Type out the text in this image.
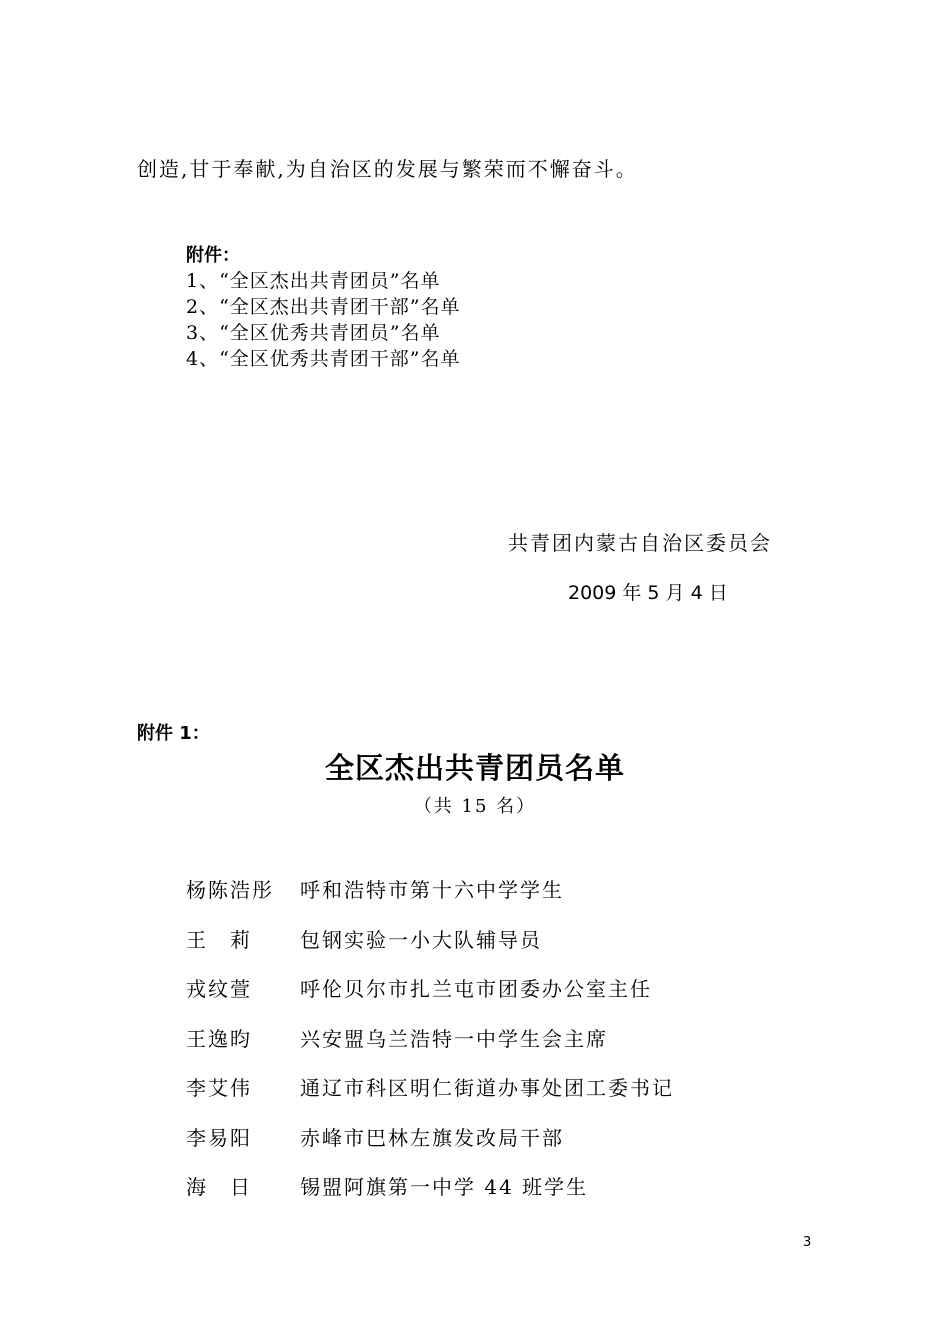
创造,甘于奉献,为自治区的发展与繁荣而不懈奋斗。
附件：
1、“全区杰出共青团员”名单
2、“全区杰出共青团干部”名单
3、“全区优秀共青团员”名单
4、“全区优秀共青团干部”名单
共青团内蒙古自治区委员会
2009 年 5 月 4 日
附件 1：
全区杰出共青团员名单
（共 15 名）
杨陈浩彤	呼和浩特市第十六中学学生
王　莉	包钢实验一小大队辅导员
戎纹萱	呼伦贝尔市扎兰屯市团委办公室主任
王逸昀	兴安盟乌兰浩特一中学生会主席
李艾伟	通辽市科区明仁街道办事处团工委书记
李易阳	赤峰市巴林左旗发改局干部
海　日	锡盟阿旗第一中学 44 班学生
3
